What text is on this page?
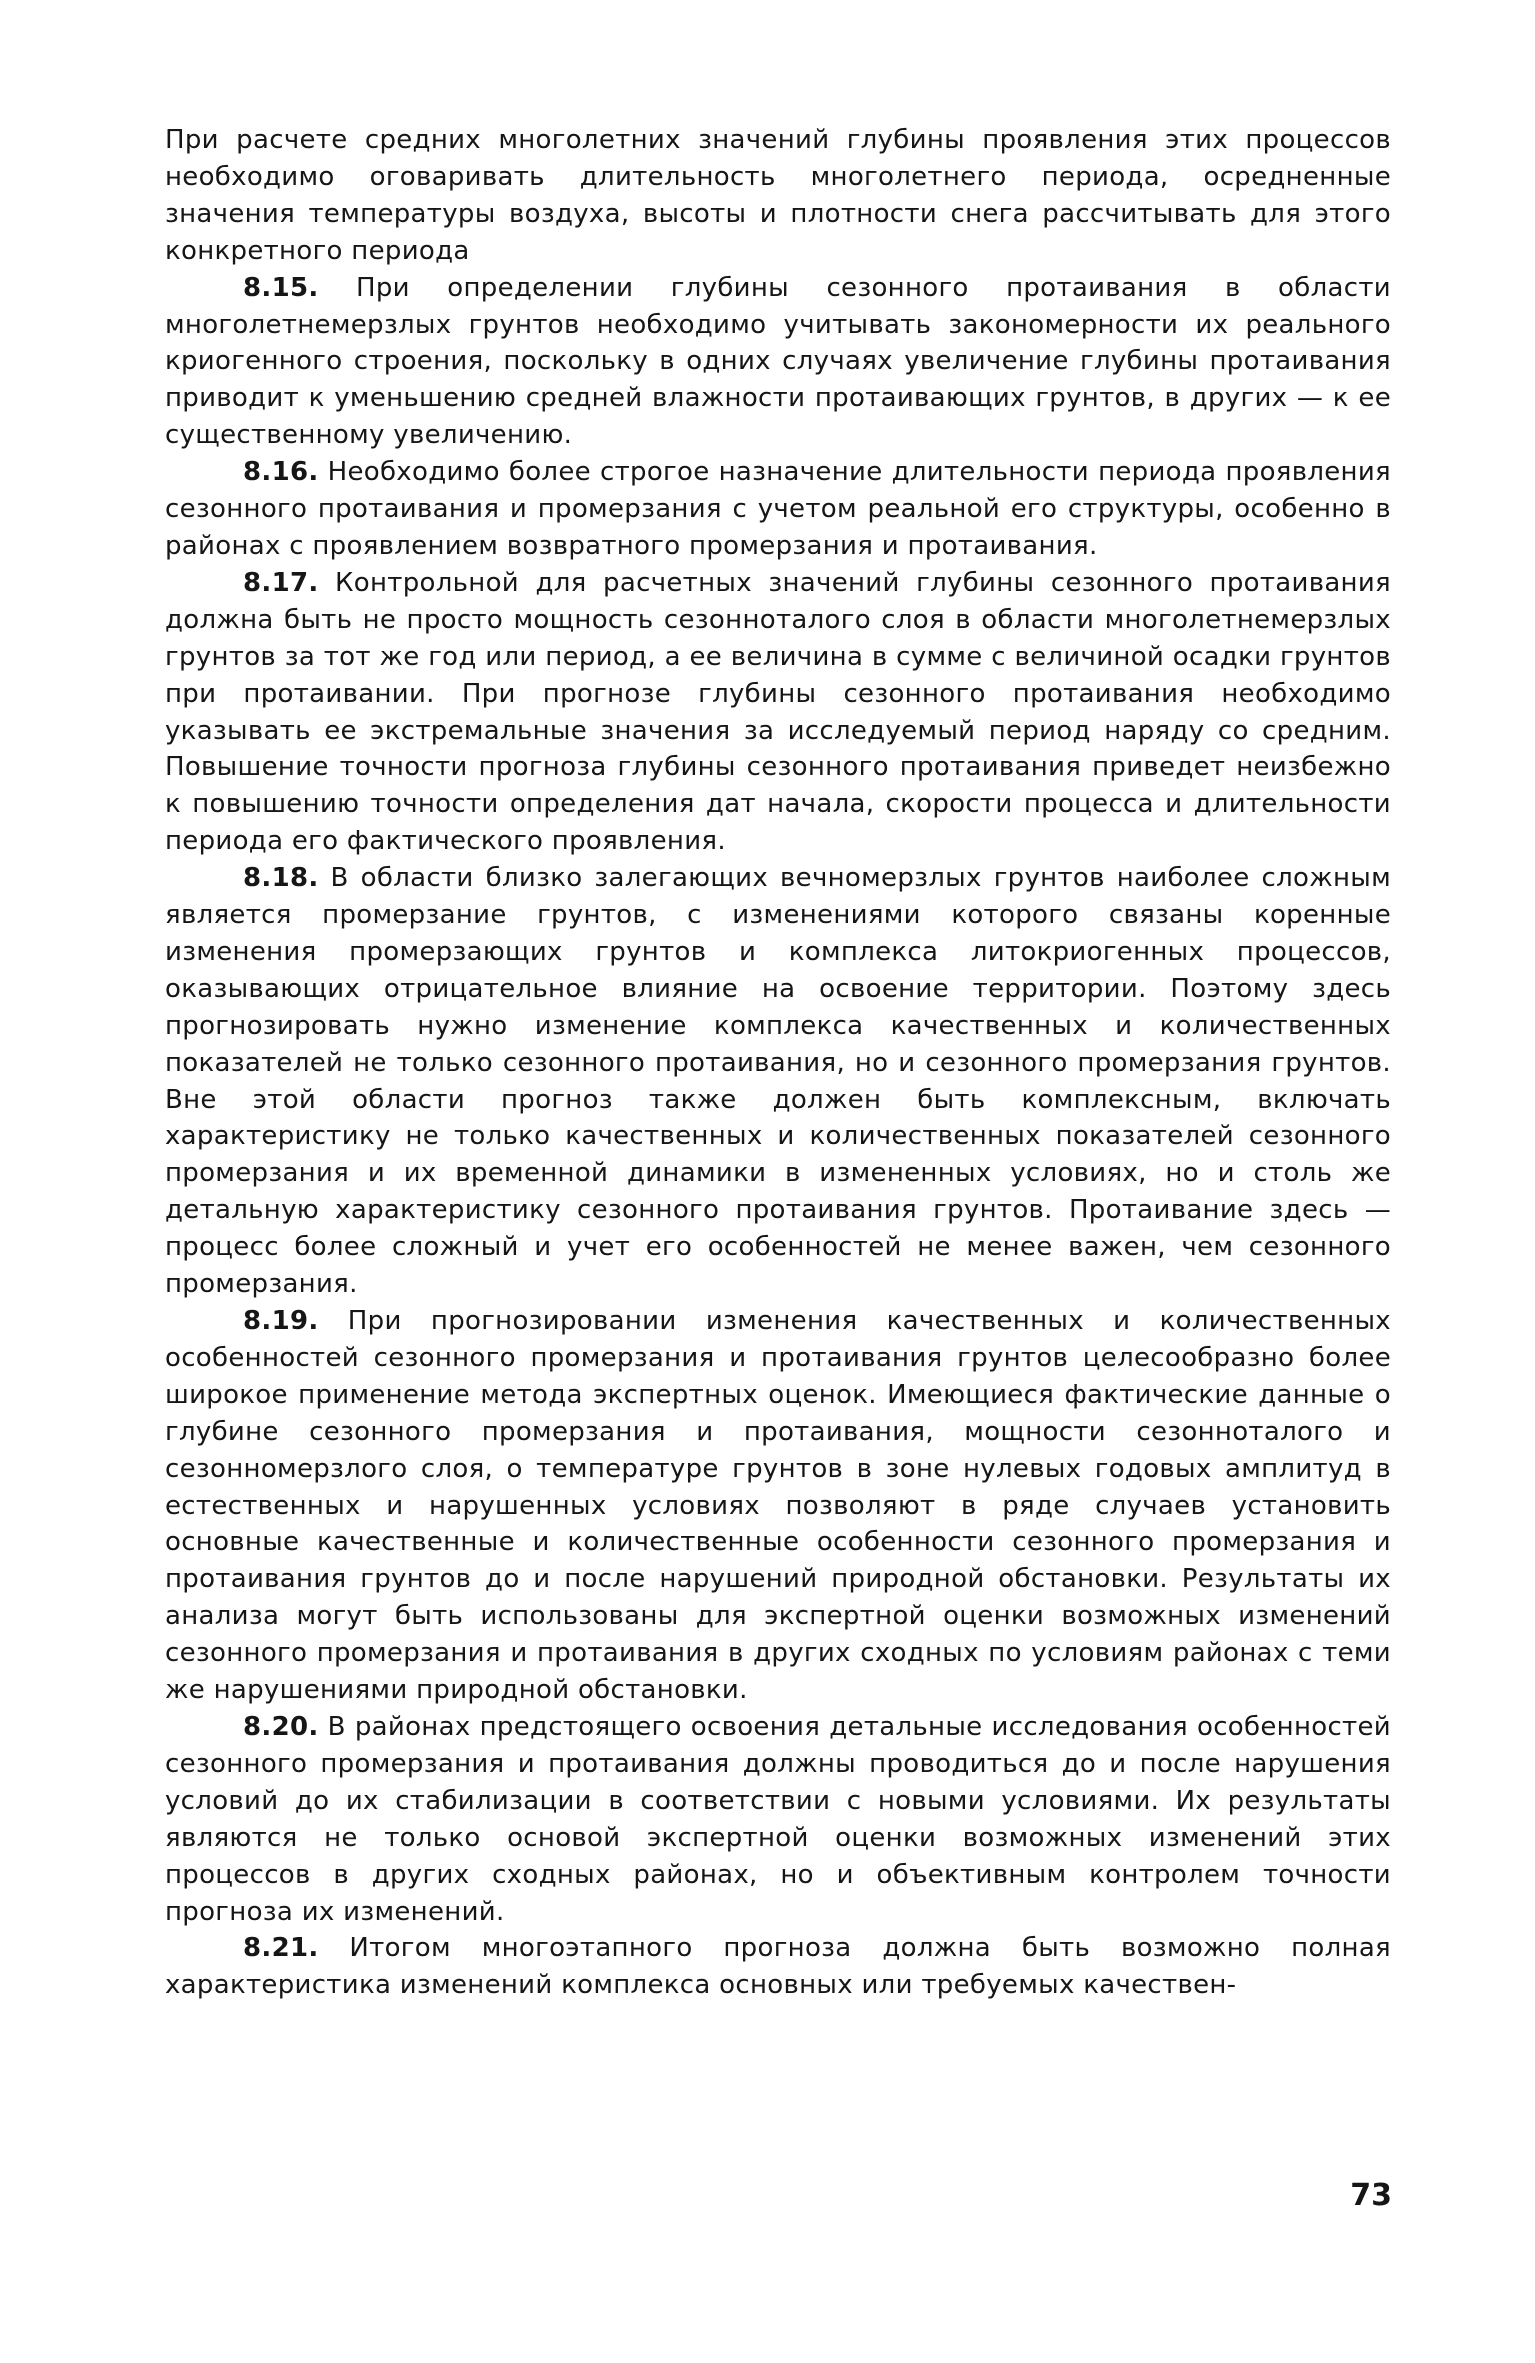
При расчете средних многолетних значений глубины проявления этих процессов необходимо оговаривать длительность многолетнего периода, осредненные значения температуры воздуха, высоты и плотности снега рассчитывать для этого конкретного периода

8.15. При определении глубины сезонного протаивания в области многолетнемерзлых грунтов необходимо учитывать закономерности их реального криогенного строения, поскольку в одних случаях увеличение глубины протаивания приводит к уменьшению средней влажности протаивающих грунтов, в других — к ее существенному увеличению.

8.16. Необходимо более строгое назначение длительности периода проявления сезонного протаивания и промерзания с учетом реальной его структуры, особенно в районах с проявлением возвратного промерзания и протаивания.

8.17. Контрольной для расчетных значений глубины сезонного протаивания должна быть не просто мощность сезонноталого слоя в области многолетнемерзлых грунтов за тот же год или период, а ее величина в сумме с величиной осадки грунтов при протаивании. При прогнозе глубины сезонного протаивания необходимо указывать ее экстремальные значения за исследуемый период наряду со средним. Повышение точности прогноза глубины сезонного протаивания приведет неизбежно к повышению точности определения дат начала, скорости процесса и длительности периода его фактического проявления.

8.18. В области близко залегающих вечномерзлых грунтов наиболее сложным является промерзание грунтов, с изменениями которого связаны коренные изменения промерзающих грунтов и комплекса литокриогенных процессов, оказывающих отрицательное влияние на освоение территории. Поэтому здесь прогнозировать нужно изменение комплекса качественных и количественных показателей не только сезонного протаивания, но и сезонного промерзания грунтов. Вне этой области прогноз также должен быть комплексным, включать характеристику не только качественных и количественных показателей сезонного промерзания и их временной динамики в измененных условиях, но и столь же детальную характеристику сезонного протаивания грунтов. Протаивание здесь — процесс более сложный и учет его особенностей не менее важен, чем сезонного промерзания.

8.19. При прогнозировании изменения качественных и количественных особенностей сезонного промерзания и протаивания грунтов целесообразно более широкое применение метода экспертных оценок. Имеющиеся фактические данные о глубине сезонного промерзания и протаивания, мощности сезонноталого и сезонномерзлого слоя, о температуре грунтов в зоне нулевых годовых амплитуд в естественных и нарушенных условиях позволяют в ряде случаев установить основные качественные и количественные особенности сезонного промерзания и протаивания грунтов до и после нарушений природной обстановки. Результаты их анализа могут быть использованы для экспертной оценки возможных изменений сезонного промерзания и протаивания в других сходных по условиям районах с теми же нарушениями природной обстановки.

8.20. В районах предстоящего освоения детальные исследования особенностей сезонного промерзания и протаивания должны проводиться до и после нарушения условий до их стабилизации в соответствии с новыми условиями. Их результаты являются не только основой экспертной оценки возможных изменений этих процессов в других сходных районах, но и объективным контролем точности прогноза их изменений.

8.21. Итогом многоэтапного прогноза должна быть возможно полная характеристика изменений комплекса основных или требуемых качествен-

73
